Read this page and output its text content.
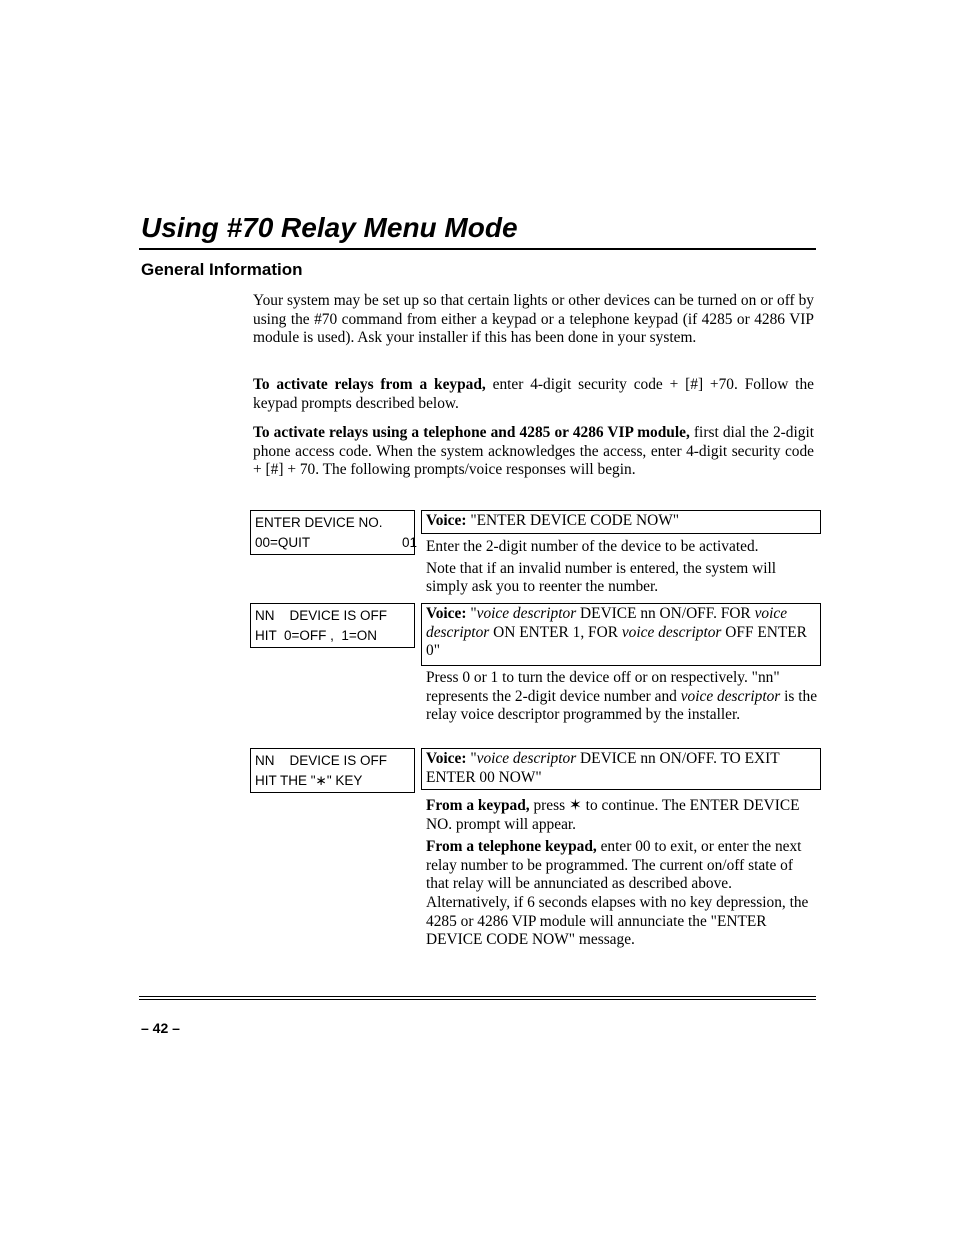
Using #70 Relay Menu Mode
General Information

Your system may be set up so that certain lights or other devices can be turned on or off by using the #70 command from either a keypad or a telephone keypad (if 4285 or 4286 VIP module is used). Ask your installer if this has been done in your system.

To activate relays from a keypad, enter 4-digit security code + [#] +70. Follow the keypad prompts described below.

To activate relays using a telephone and 4285 or 4286 VIP module, first dial the 2-digit phone access code. When the system acknowledges the access, enter 4-digit security code + [#] + 70. The following prompts/voice responses will begin.

ENTER DEVICE NO.
00=QUIT	01
Voice: "ENTER DEVICE CODE NOW"

Enter the 2-digit number of the device to be activated.

Note that if an invalid number is entered, the system will simply ask you to reenter the number.

NN    DEVICE IS OFF
HIT  0=OFF ,  1=ON
Voice: "voice descriptor DEVICE nn ON/OFF. FOR voice descriptor ON ENTER 1, FOR voice descriptor OFF ENTER 0"

Press 0 or 1 to turn the device off or on respectively. "nn" represents the 2-digit device number and voice descriptor is the relay voice descriptor programmed by the installer.

NN    DEVICE IS OFF
HIT THE "∗" KEY
Voice: "voice descriptor DEVICE nn ON/OFF. TO EXIT ENTER 00 NOW"

From a keypad, press ✶ to continue. The ENTER DEVICE NO. prompt will appear.

From a telephone keypad, enter 00 to exit, or enter the next relay number to be programmed. The current on/off state of that relay will be annunciated as described above. Alternatively, if 6 seconds elapses with no key depression, the 4285 or 4286 VIP module will annunciate the "ENTER DEVICE CODE NOW" message.

– 42 –
